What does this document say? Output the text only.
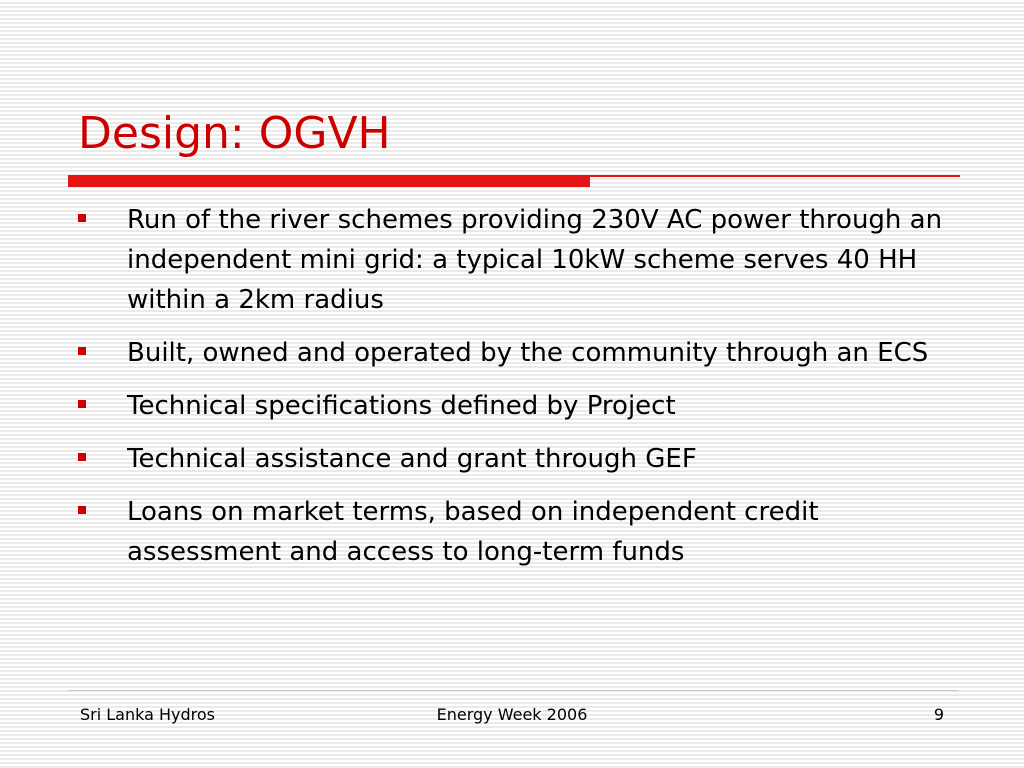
Design: OGVH
Run of the river schemes providing 230V AC power through an independent mini grid: a typical 10kW scheme serves 40 HH within a 2km radius
Built, owned and operated by the community through an ECS
Technical specifications defined by Project
Technical assistance and grant through GEF
Loans on market terms, based on independent credit assessment and access to long-term funds
Sri Lanka Hydros	Energy Week 2006	9
